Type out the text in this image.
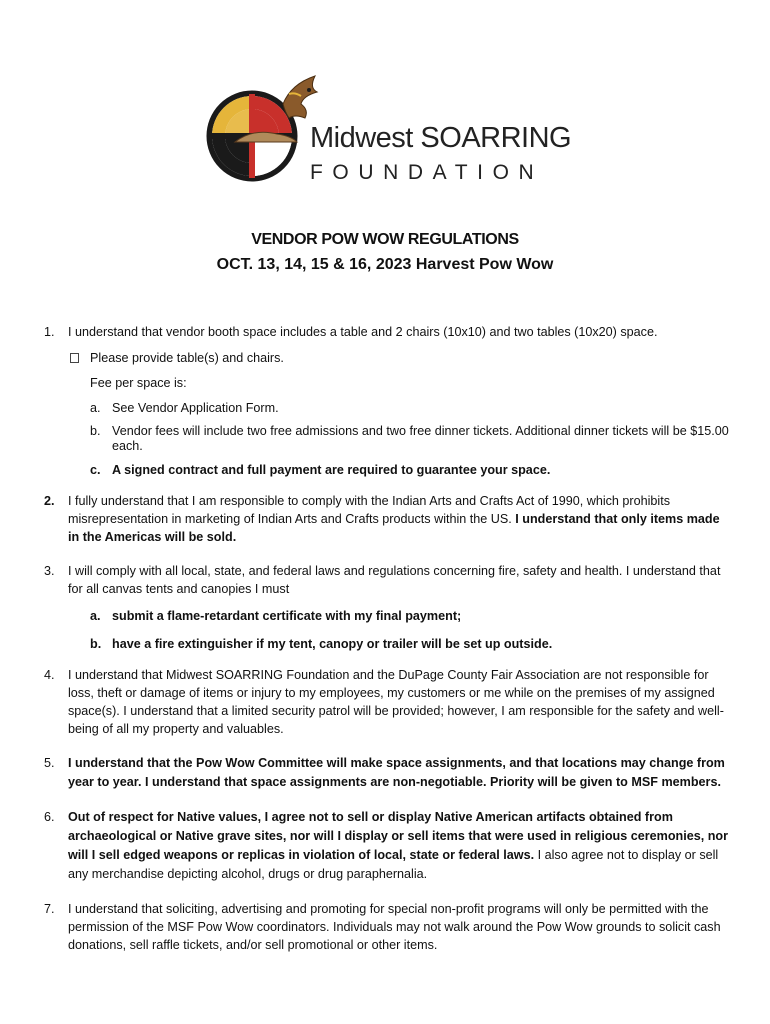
Midwest SOARRING
FOUNDATION
VENDOR POW WOW REGULATIONS
OCT. 13, 14, 15 & 16, 2023 Harvest Pow Wow
1. I understand that vendor booth space includes a table and 2 chairs (10x10) and two tables (10x20) space.
Please provide table(s) and chairs.
Fee per space is:
a. See Vendor Application Form.
b. Vendor fees will include two free admissions and two free dinner tickets. Additional dinner tickets will be $15.00 each.
c. A signed contract and full payment are required to guarantee your space.
2. I fully understand that I am responsible to comply with the Indian Arts and Crafts Act of 1990, which prohibits misrepresentation in marketing of Indian Arts and Crafts products within the US. I understand that only items made in the Americas will be sold.
3. I will comply with all local, state, and federal laws and regulations concerning fire, safety and health. I understand that for all canvas tents and canopies I must
a. submit a flame-retardant certificate with my final payment;
b. have a fire extinguisher if my tent, canopy or trailer will be set up outside.
4. I understand that Midwest SOARRING Foundation and the DuPage County Fair Association are not responsible for loss, theft or damage of items or injury to my employees, my customers or me while on the premises of my assigned space(s). I understand that a limited security patrol will be provided; however, I am responsible for the safety and well- being of all my property and valuables.
5. I understand that the Pow Wow Committee will make space assignments, and that locations may change from year to year. I understand that space assignments are non-negotiable. Priority will be given to MSF members.
6. Out of respect for Native values, I agree not to sell or display Native American artifacts obtained from archaeological or Native grave sites, nor will I display or sell items that were used in religious ceremonies, nor will I sell edged weapons or replicas in violation of local, state or federal laws. I also agree not to display or sell any merchandise depicting alcohol, drugs or drug paraphernalia.
7. I understand that soliciting, advertising and promoting for special non-profit programs will only be permitted with the permission of the MSF Pow Wow coordinators. Individuals may not walk around the Pow Wow grounds to solicit cash donations, sell raffle tickets, and/or sell promotional or other items.
